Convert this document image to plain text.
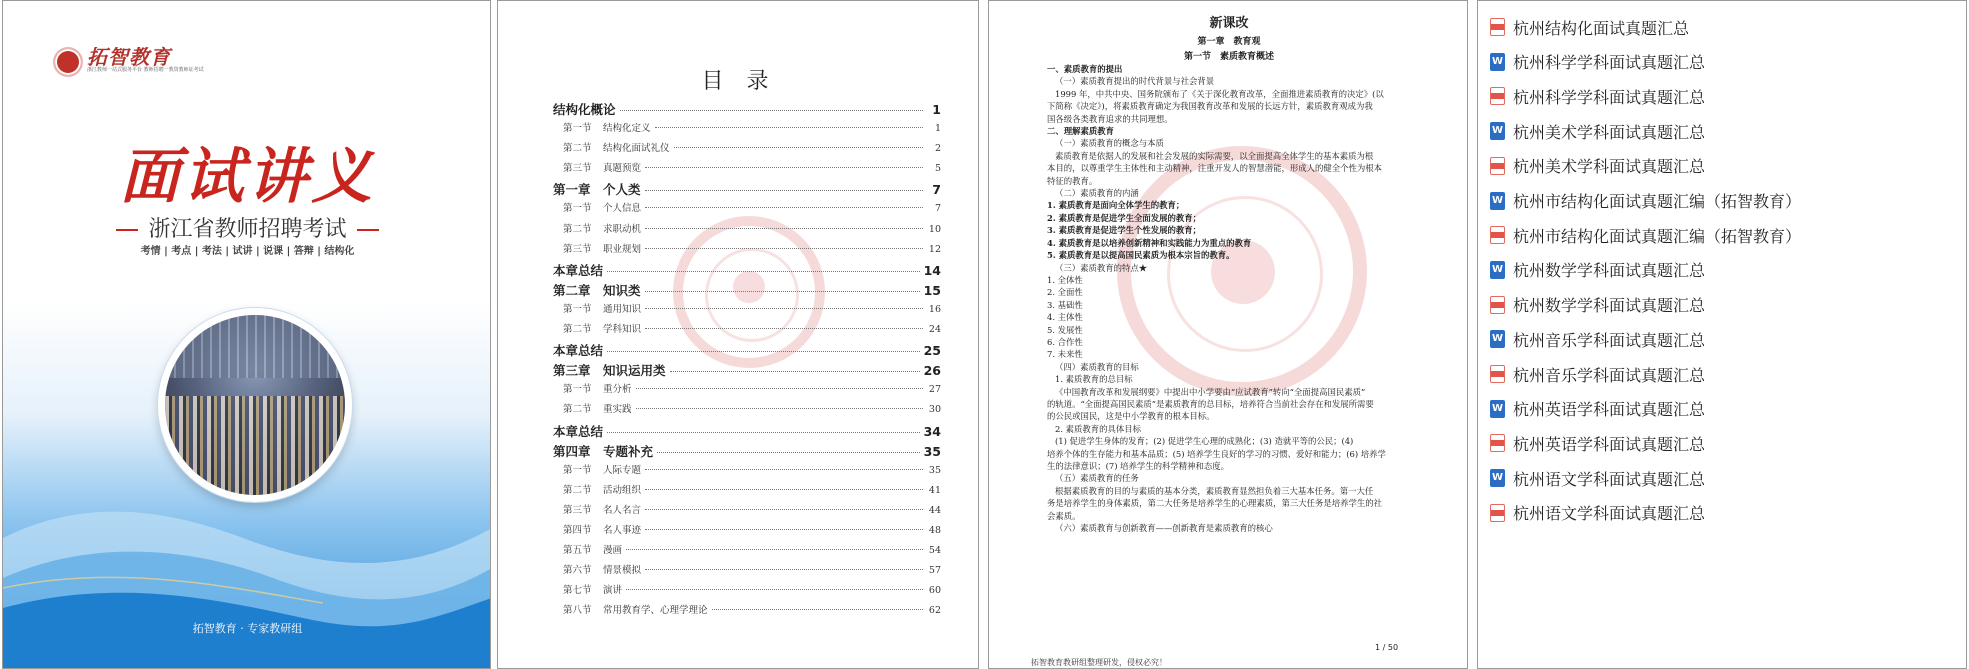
拓智教育
浙江教师一站式服务平台 教师招聘一教资教师证考试
面试讲义
浙江省教师招聘考试
考情 | 考点 | 考法 | 试讲 | 说课 | 答辩 | 结构化
拓智教育 · 专家教研组
目 录
结构化概论	1
第一节	结构化定义	1
第二节	结构化面试礼仪	2
第三节	真题预览	5
第一章　个人类	7
第一节	个人信息	7
第二节	求职动机	10
第三节	职业规划	12
本章总结	14
第二章　知识类	15
第一节	通用知识	16
第二节	学科知识	24
本章总结	25
第三章　知识运用类	26
第一节	重分析	27
第二节	重实践	30
本章总结	34
第四章　专题补充	35
第一节	人际专题	35
第二节	活动组织	41
第三节	名人名言	44
第四节	名人事迹	48
第五节	漫画	54
第六节	情景模拟	57
第七节	演讲	60
第八节	常用教育学、心理学理论	62
新课改
第一章　教育观
第一节　素质教育概述

一、素质教育的提出

（一）素质教育提出的时代背景与社会背景

1999 年，中共中央、国务院颁布了《关于深化教育改革，全面推进素质教育的决定》(以

下简称《决定》)，将素质教育确定为我国教育改革和发展的长远方针，素质教育观成为我

国各级各类教育追求的共同理想。

二、理解素质教育

（一）素质教育的概念与本质

素质教育是依据人的发展和社会发展的实际需要，以全面提高全体学生的基本素质为根

本目的，以尊重学生主体性和主动精神，注重开发人的智慧潜能，形成人的健全个性为根本

特征的教育。

（二）素质教育的内涵

1. 素质教育是面向全体学生的教育；

2. 素质教育是促进学生全面发展的教育；

3. 素质教育是促进学生个性发展的教育；

4. 素质教育是以培养创新精神和实践能力为重点的教育

5. 素质教育是以提高国民素质为根本宗旨的教育。

（三）素质教育的特点★

1. 全体性

2. 全面性

3. 基础性

4. 主体性

5. 发展性

6. 合作性

7. 未来性

（四）素质教育的目标

1. 素质教育的总目标

《中国教育改革和发展纲要》中提出中小学要由“应试教育”转向“全面提高国民素质”

的轨道。“全面提高国民素质”是素质教育的总目标，培养符合当前社会存在和发展所需要

的公民或国民，这是中小学教育的根本目标。

2. 素质教育的具体目标

(1) 促进学生身体的发育；(2) 促进学生心理的成熟化；(3) 造就平等的公民；(4)

培养个体的生存能力和基本品质；(5) 培养学生良好的学习的习惯、爱好和能力；(6) 培养学

生的法律意识；(7) 培养学生的科学精神和态度。

（五）素质教育的任务

根据素质教育的目的与素质的基本分类，素质教育显然担负着三大基本任务。第一大任

务是培养学生的身体素质，第二大任务是培养学生的心理素质，第三大任务是培养学生的社

会素质。

（六）素质教育与创新教育——创新教育是素质教育的核心

1 / 50
拓智教育教研组整理研发，侵权必究！
杭州结构化面试真题汇总
W
杭州科学学科面试真题汇总
杭州科学学科面试真题汇总
W
杭州美术学科面试真题汇总
杭州美术学科面试真题汇总
W
杭州市结构化面试真题汇编（拓智教育）
杭州市结构化面试真题汇编（拓智教育）
W
杭州数学学科面试真题汇总
杭州数学学科面试真题汇总
W
杭州音乐学科面试真题汇总
杭州音乐学科面试真题汇总
W
杭州英语学科面试真题汇总
杭州英语学科面试真题汇总
W
杭州语文学科面试真题汇总
杭州语文学科面试真题汇总
